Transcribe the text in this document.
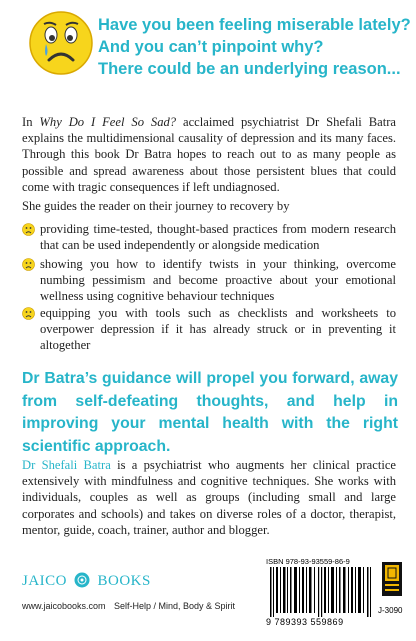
Have you been feeling miserable lately?
And you can’t pinpoint why?
There could be an underlying reason...
In Why Do I Feel So Sad? acclaimed psychiatrist Dr Shefali Batra explains the multidimensional causality of depression and its many faces. Through this book Dr Batra hopes to reach out to as many people as possible and spread awareness about those persistent blues that could come with tragic consequences if left undiagnosed.
She guides the reader on their journey to recovery by
providing time-tested, thought-based practices from modern research that can be used independently or alongside medication
showing you how to identify twists in your thinking, overcome numbing pessimism and become proactive about your emotional wellness using cognitive behaviour techniques
equipping you with tools such as checklists and worksheets to overpower depression if it has already struck or in preventing it altogether
Dr Batra’s guidance will propel you forward, away from self-defeating thoughts, and help in improving your mental health with the right scientific approach.
Dr Shefali Batra is a psychiatrist who augments her clinical practice extensively with mindfulness and cognitive techniques. She works with individuals, couples as well as groups (including small and large corporates and schools) and takes on diverse roles of a doctor, therapist, mentor, guide, coach, trainer, author and blogger.
JAICO BOOKS
www.jaicobooks.com Self-Help / Mind, Body & Spirit
ISBN 978-93-93559-86-9
9 789393 559869
J-3090
